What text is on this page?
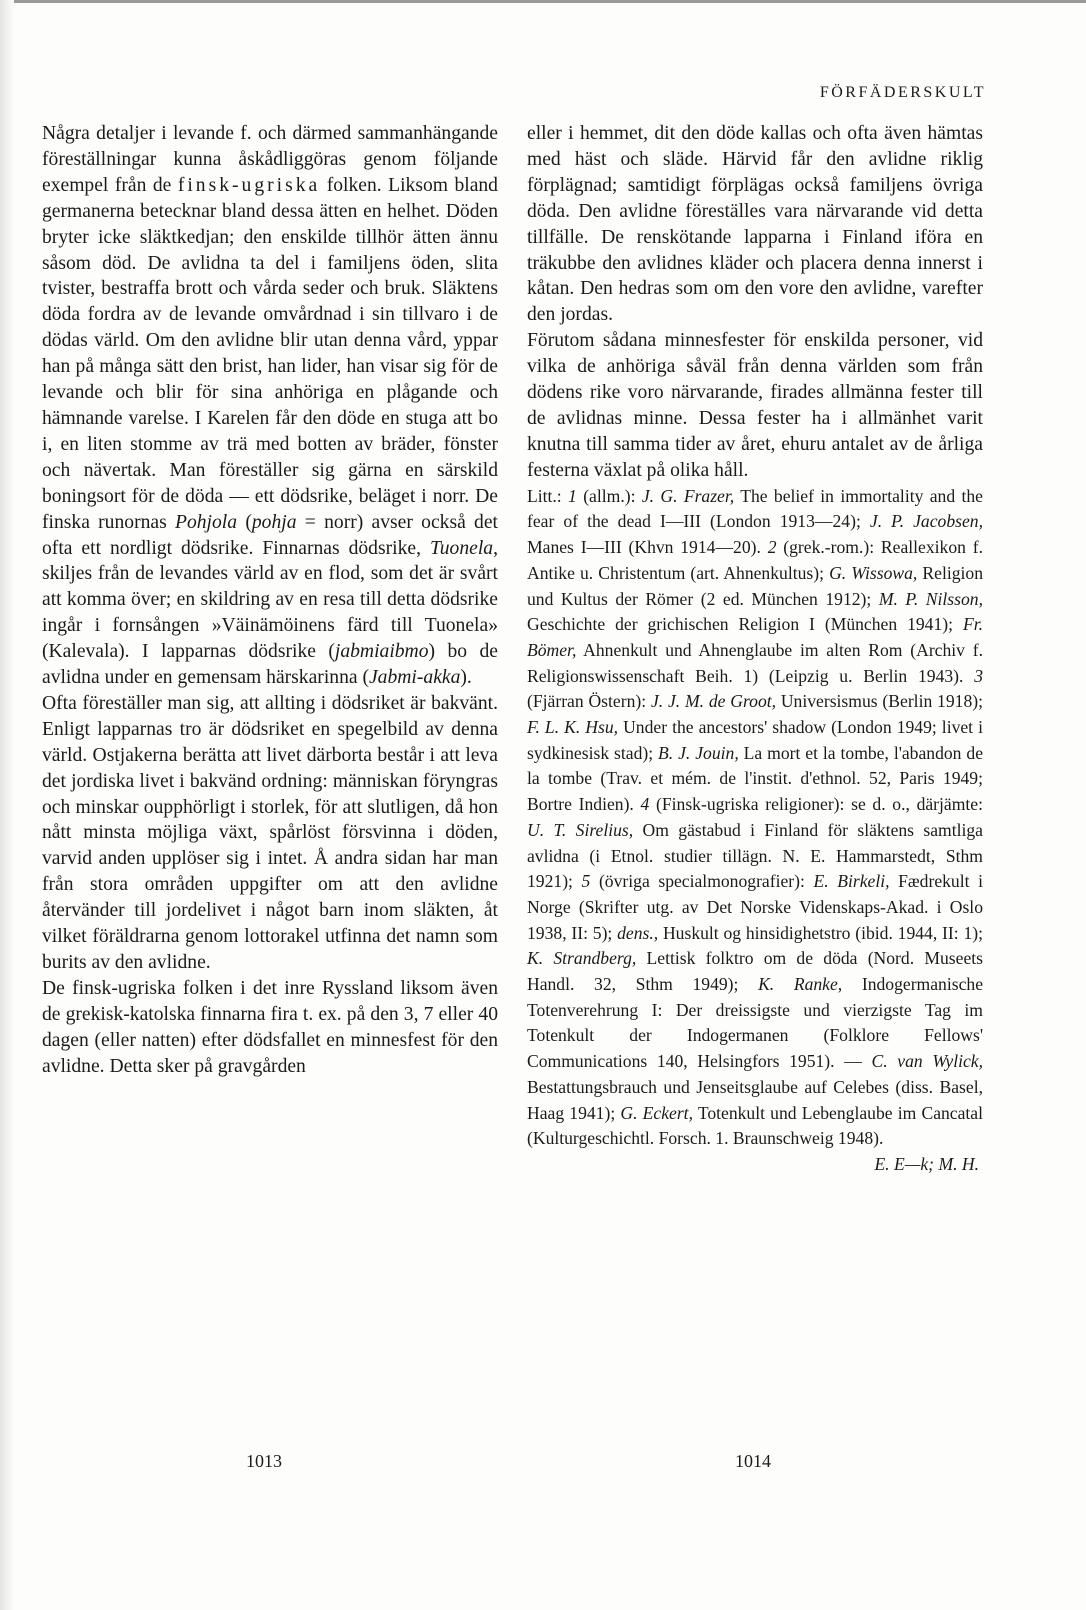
FÖRFÄDERSKULT

Några detaljer i levande f. och därmed sammanhängande föreställningar kunna åskådliggöras genom följande exempel från de finsk-ugriska folken. Liksom bland germanerna betecknar bland dessa ätten en helhet. Döden bryter icke släktkedjan; den enskilde tillhör ätten ännu såsom död. De avlidna ta del i familjens öden, slita tvister, bestraffa brott och vårda seder och bruk. Släktens döda fordra av de levande omvårdnad i sin tillvaro i de dödas värld. Om den avlidne blir utan denna vård, yppar han på många sätt den brist, han lider, han visar sig för de levande och blir för sina anhöriga en plågande och hämnande varelse. I Karelen får den döde en stuga att bo i, en liten stomme av trä med botten av bräder, fönster och nävertak. Man föreställer sig gärna en särskild boningsort för de döda — ett dödsrike, beläget i norr. De finska runornas Pohjola (pohja = norr) avser också det ofta ett nordligt dödsrike. Finnarnas dödsrike, Tuonela, skiljes från de levandes värld av en flod, som det är svårt att komma över; en skildring av en resa till detta dödsrike ingår i fornsången »Väinämöinens färd till Tuonela» (Kalevala). I lapparnas dödsrike (jabmiaibmo) bo de avlidna under en gemensam härskarinna (Jabmi-akka).

Ofta föreställer man sig, att allting i dödsriket är bakvänt. Enligt lapparnas tro är dödsriket en spegelbild av denna värld. Ostjakerna berätta att livet därborta består i att leva det jordiska livet i bakvänd ordning: människan föryngras och minskar oupphörligt i storlek, för att slutligen, då hon nått minsta möjliga växt, spårlöst försvinna i döden, varvid anden upplöser sig i intet. Å andra sidan har man från stora områden uppgifter om att den avlidne återvänder till jordelivet i något barn inom släkten, åt vilket föräldrarna genom lottorakel utfinna det namn som burits av den avlidne.

De finsk-ugriska folken i det inre Ryssland liksom även de grekisk-katolska finnarna fira t. ex. på den 3, 7 eller 40 dagen (eller natten) efter dödsfallet en minnesfest för den avlidne. Detta sker på gravgården

eller i hemmet, dit den döde kallas och ofta även hämtas med häst och släde. Härvid får den avlidne riklig förplägnad; samtidigt förplägas också familjens övriga döda. Den avlidne föreställes vara närvarande vid detta tillfälle. De renskötande lapparna i Finland iföra en träkubbe den avlidnes kläder och placera denna innerst i kåtan. Den hedras som om den vore den avlidne, varefter den jordas.

Förutom sådana minnesfester för enskilda personer, vid vilka de anhöriga såväl från denna världen som från dödens rike voro närvarande, firades allmänna fester till de avlidnas minne. Dessa fester ha i allmänhet varit knutna till samma tider av året, ehuru antalet av de årliga festerna växlat på olika håll.

Litt.: 1 (allm.): J. G. Frazer, The belief in immortality and the fear of the dead I—III (London 1913—24); J. P. Jacobsen, Manes I—III (Khvn 1914—20). 2 (grek.-rom.): Reallexikon f. Antike u. Christentum (art. Ahnenkultus); G. Wissowa, Religion und Kultus der Römer (2 ed. München 1912); M. P. Nilsson, Geschichte der grichischen Religion I (München 1941); Fr. Bömer, Ahnenkult und Ahnenglaube im alten Rom (Archiv f. Religionswissenschaft Beih. 1) (Leipzig u. Berlin 1943). 3 (Fjärran Östern): J. J. M. de Groot, Universismus (Berlin 1918); F. L. K. Hsu, Under the ancestors' shadow (London 1949; livet i sydkinesisk stad); B. J. Jouin, La mort et la tombe, l'abandon de la tombe (Trav. et mém. de l'instit. d'ethnol. 52, Paris 1949; Bortre Indien). 4 (Finsk-ugriska religioner): se d. o., därjämte: U. T. Sirelius, Om gästabud i Finland för släktens samtliga avlidna (i Etnol. studier tillägn. N. E. Hammarstedt, Sthm 1921); 5 (övriga specialmonografier): E. Birkeli, Fædrekult i Norge (Skrifter utg. av Det Norske Videnskaps-Akad. i Oslo 1938, II: 5); dens., Huskult og hinsidighetstro (ibid. 1944, II: 1); K. Strandberg, Lettisk folktro om de döda (Nord. Museets Handl. 32, Sthm 1949); K. Ranke, Indogermanische Totenverehrung I: Der dreissigste und vierzigste Tag im Totenkult der Indogermanen (Folklore Fellows' Communications 140, Helsingfors 1951). — C. van Wylick, Bestattungsbrauch und Jenseitsglaube auf Celebes (diss. Basel, Haag 1941); G. Eckert, Totenkult und Lebenglaube im Cancatal (Kulturgeschichtl. Forsch. 1. Braunschweig 1948).

E. E—k; M. H.
1013	1014
